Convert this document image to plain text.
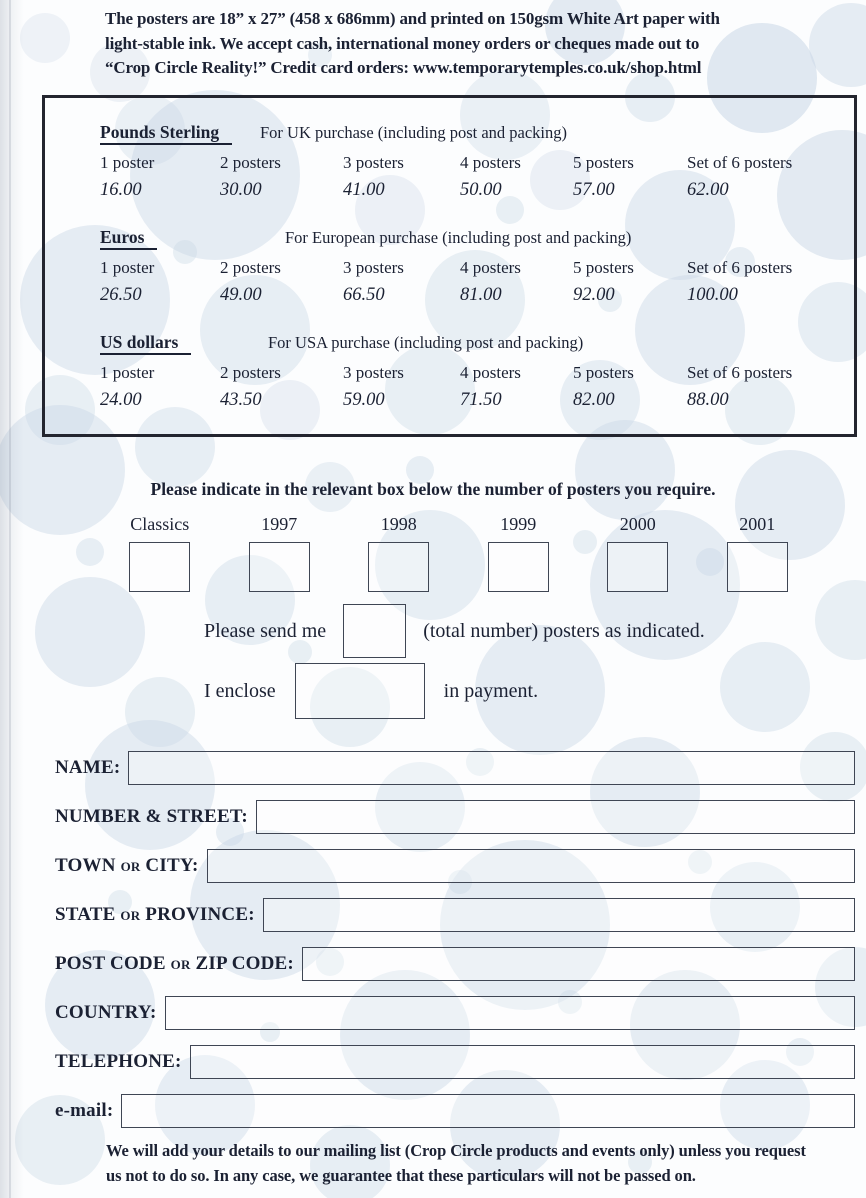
The posters are 18” x 27” (458 x 686mm) and printed on 150gsm White Art paper with
light-stable ink. We accept cash, international money orders or cheques made out to
“Crop Circle Reality!” Credit card orders: www.temporarytemples.co.uk/shop.html
Pounds Sterling	For UK purchase (including post and packing)
1 poster	2 posters	3 posters	4 posters	5 posters	Set of 6 posters
16.00	30.00	41.00	50.00	57.00	62.00
Euros	For European purchase (including post and packing)
1 poster	2 posters	3 posters	4 posters	5 posters	Set of 6 posters
26.50	49.00	66.50	81.00	92.00	100.00
US dollars	For USA purchase (including post and packing)
1 poster	2 posters	3 posters	4 posters	5 posters	Set of 6 posters
24.00	43.50	59.00	71.50	82.00	88.00
Please indicate in the relevant box below the number of posters you require.
Classics	1997	1998	1999	2000	2001
Please send me	(total number) posters as indicated.
I enclose	in payment.
NAME:
NUMBER & STREET:
TOWN or CITY:
STATE or PROVINCE:
POST CODE or ZIP CODE:
COUNTRY:
TELEPHONE:
e-mail:
We will add your details to our mailing list (Crop Circle products and events only) unless you request
us not to do so. In any case, we guarantee that these particulars will not be passed on.
